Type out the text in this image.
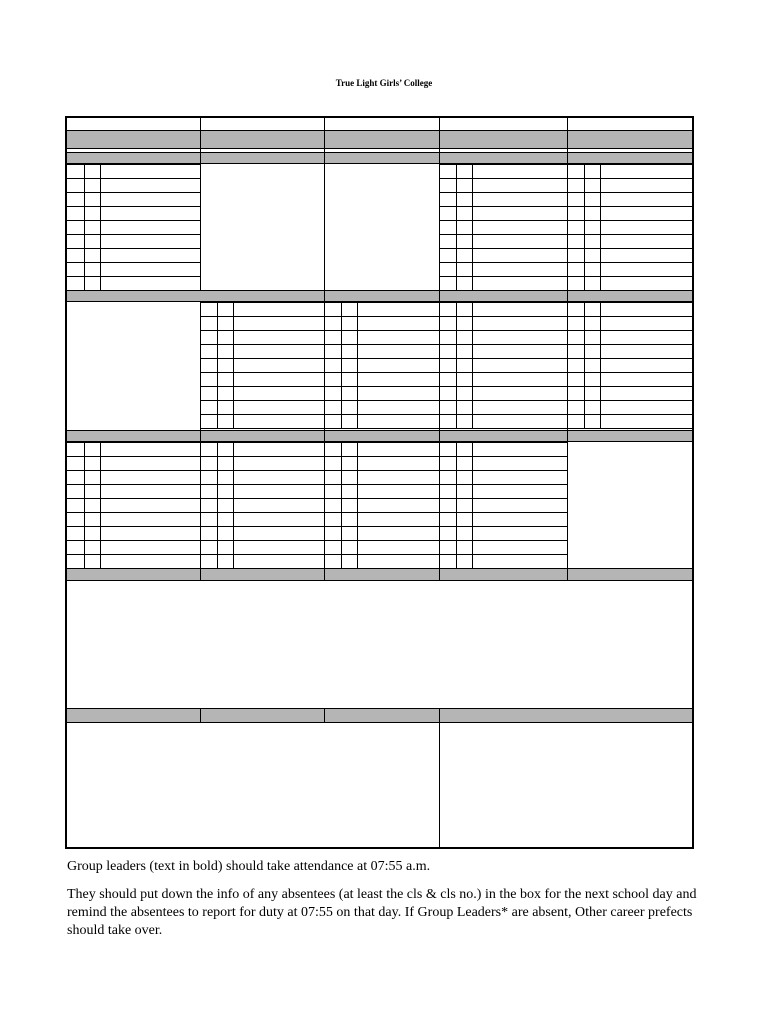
True Light Girls’ College

Group leaders (text in bold) should take attendance at 07:55 a.m.

They should put down the info of any absentees (at least the cls & cls no.) in the box for the next school day and remind the absentees to report for duty at 07:55 on that day. If Group Leaders* are absent, Other career prefects should take over.
